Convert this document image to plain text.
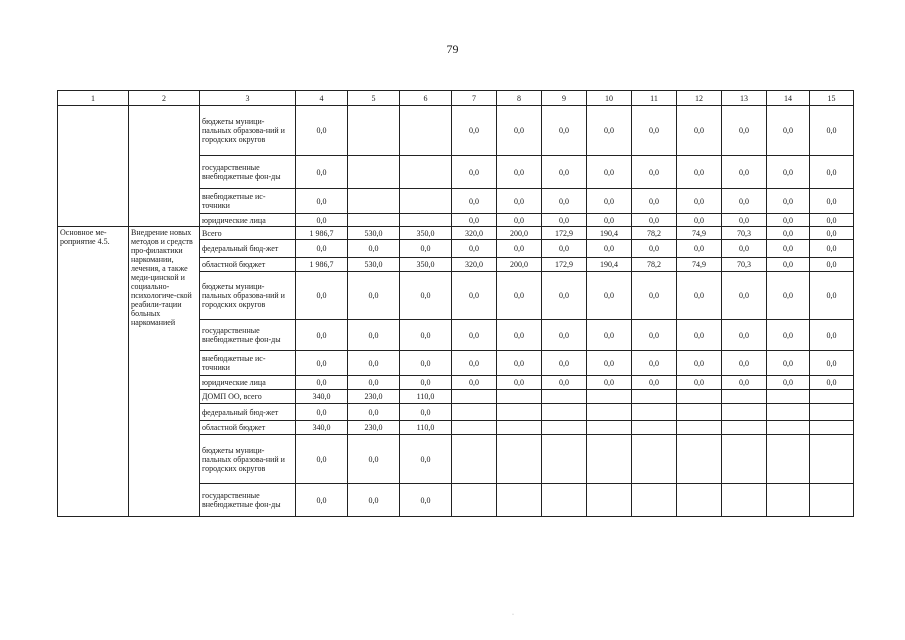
79
1	2	3	4	5	6	7	8	9	10	11	12	13	14	15
		бюджеты муници-пальных образова-ний и городских округов	0,0			0,0	0,0	0,0	0,0	0,0	0,0	0,0	0,0	0,0
		государственные внебюджетные фон-ды	0,0			0,0	0,0	0,0	0,0	0,0	0,0	0,0	0,0	0,0
		внебюджетные ис-точники	0,0			0,0	0,0	0,0	0,0	0,0	0,0	0,0	0,0	0,0
		юридические лица	0,0			0,0	0,0	0,0	0,0	0,0	0,0	0,0	0,0	0,0
Основное ме-роприятие 4.5.	Внедрение новых методов и средств про-филактики наркомании, лечения, а также меди-цинской и социально-психологиче-ской реабили-тации больных наркоманией	Всего	1 986,7	530,0	350,0	320,0	200,0	172,9	190,4	78,2	74,9	70,3	0,0	0,0
		федеральный бюд-жет	0,0	0,0	0,0	0,0	0,0	0,0	0,0	0,0	0,0	0,0	0,0	0,0
		областной бюджет	1 986,7	530,0	350,0	320,0	200,0	172,9	190,4	78,2	74,9	70,3	0,0	0,0
		бюджеты муници-пальных образова-ний и городских округов	0,0	0,0	0,0	0,0	0,0	0,0	0,0	0,0	0,0	0,0	0,0	0,0
		государственные внебюджетные фон-ды	0,0	0,0	0,0	0,0	0,0	0,0	0,0	0,0	0,0	0,0	0,0	0,0
		внебюджетные ис-точники	0,0	0,0	0,0	0,0	0,0	0,0	0,0	0,0	0,0	0,0	0,0	0,0
		юридические лица	0,0	0,0	0,0	0,0	0,0	0,0	0,0	0,0	0,0	0,0	0,0	0,0
		ДОМП ОО, всего	340,0	230,0	110,0									
		федеральный бюд-жет	0,0	0,0	0,0									
		областной бюджет	340,0	230,0	110,0									
		бюджеты муници-пальных образова-ний и городских округов	0,0	0,0	0,0									
		государственные внебюджетные фон-ды	0,0	0,0	0,0									
·
